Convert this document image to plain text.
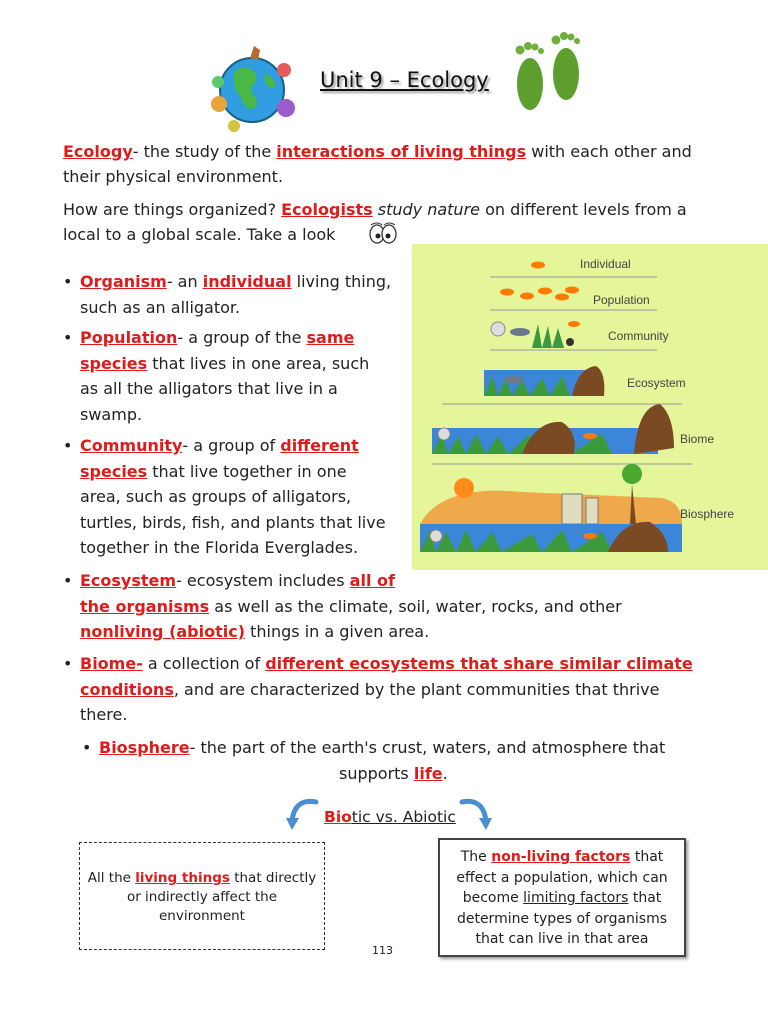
Unit 9 – Ecology
Ecology- the study of the interactions of living things with each other and
their physical environment.
How are things organized? Ecologists study nature on different levels from a
local to a global scale. Take a look
Individual
Population
Community
Ecosystem
Biome
Biosphere
• Organism- an individual living thing,
such as an alligator.
• Population- a group of the same
species that lives in one area, such
as all the alligators that live in a
swamp.
• Community- a group of different
species that live together in one
area, such as groups of alligators,
turtles, birds, fish, and plants that live
together in the Florida Everglades.
• Ecosystem- ecosystem includes all of
the organisms as well as the climate, soil, water, rocks, and other
nonliving (abiotic) things in a given area.
• Biome- a collection of different ecosystems that share similar climate
conditions, and are characterized by the plant communities that thrive
there.
• Biosphere- the part of the earth's crust, waters, and atmosphere that
supports life.
Biotic vs. Abiotic
All the living things that directly
or indirectly affect the
environment
The non-living factors that
effect a population, which can
become limiting factors that
determine types of organisms
that can live in that area
113
